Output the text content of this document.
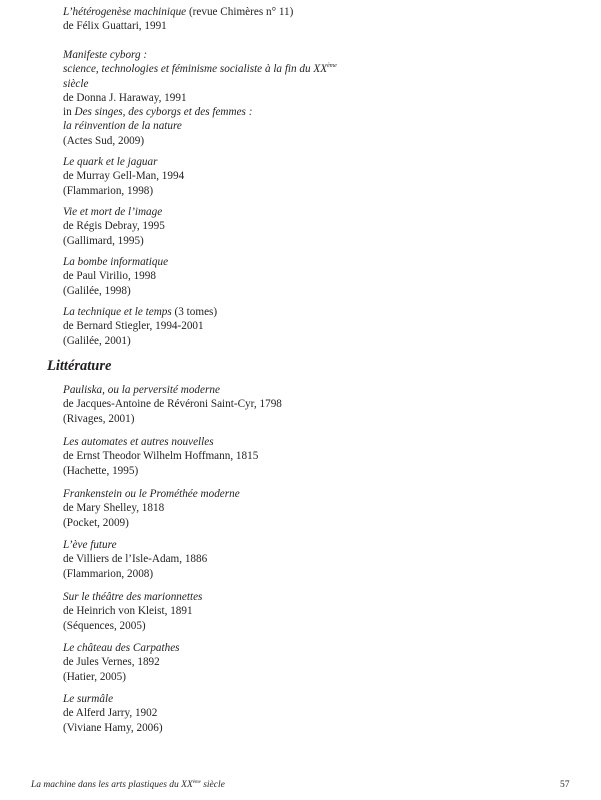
L’hétérogenèse machinique (revue Chimères n° 11)
de Félix Guattari, 1991
Manifeste cyborg :
science, technologies et féminisme socialiste à la fin du XXème
siècle
de Donna J. Haraway, 1991
in Des singes, des cyborgs et des femmes :
la réinvention de la nature
(Actes Sud, 2009)
Le quark et le jaguar
de Murray Gell-Man, 1994
(Flammarion, 1998)
Vie et mort de l’image
de Régis Debray, 1995
(Gallimard, 1995)
La bombe informatique
de Paul Virilio, 1998
(Galilée, 1998)
La technique et le temps (3 tomes)
de Bernard Stiegler, 1994-2001
(Galilée, 2001)
Littérature
Pauliska, ou la perversité moderne
de Jacques-Antoine de Révéroni Saint-Cyr, 1798
(Rivages, 2001)
Les automates et autres nouvelles
de Ernst Theodor Wilhelm Hoffmann, 1815
(Hachette, 1995)
Frankenstein ou le Prométhée moderne
de Mary Shelley, 1818
(Pocket, 2009)
L’ève future
de Villiers de l’Isle-Adam, 1886
(Flammarion, 2008)
Sur le théâtre des marionnettes
de Heinrich von Kleist, 1891
(Séquences, 2005)
Le château des Carpathes
de Jules Vernes, 1892
(Hatier, 2005)
Le surmâle
de Alferd Jarry, 1902
(Viviane Hamy, 2006)
La machine dans les arts plastiques du XXème siècle	57
